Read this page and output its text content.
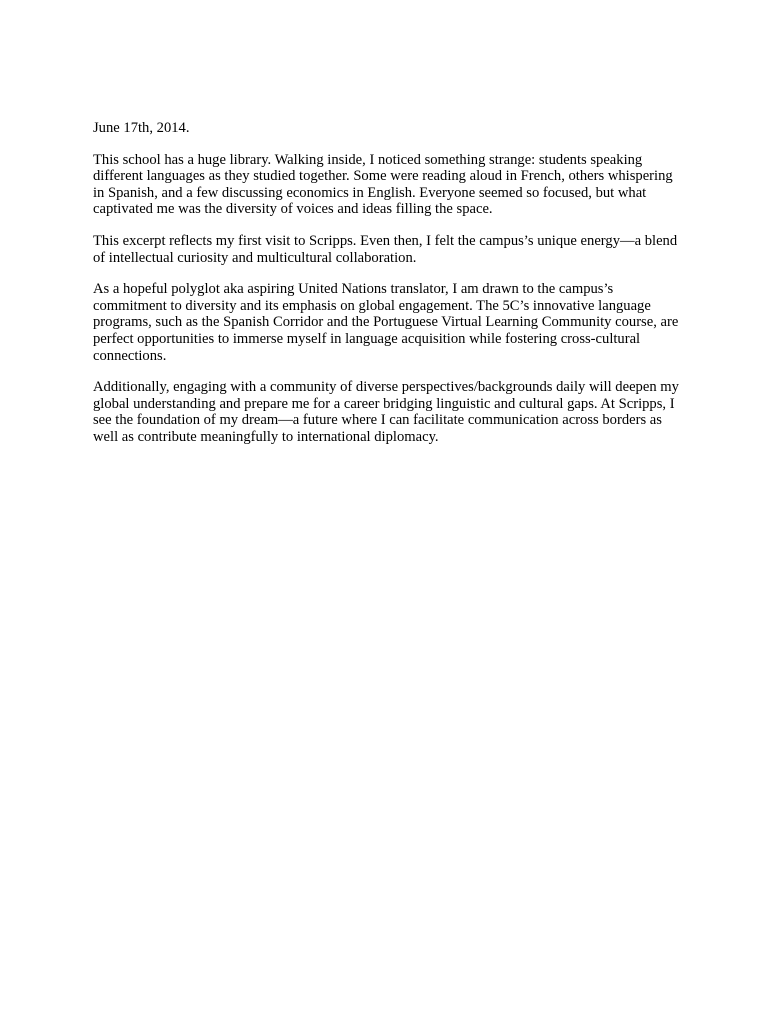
June 17th, 2014.

This school has a huge library. Walking inside, I noticed something strange: students speaking different languages as they studied together. Some were reading aloud in French, others whispering in Spanish, and a few discussing economics in English. Everyone seemed so focused, but what captivated me was the diversity of voices and ideas filling the space.

This excerpt reflects my first visit to Scripps. Even then, I felt the campus’s unique energy—a blend of intellectual curiosity and multicultural collaboration.

As a hopeful polyglot aka aspiring United Nations translator, I am drawn to the campus’s commitment to diversity and its emphasis on global engagement. The 5C’s innovative language programs, such as the Spanish Corridor and the Portuguese Virtual Learning Community course, are perfect opportunities to immerse myself in language acquisition while fostering cross-cultural connections.

Additionally, engaging with a community of diverse perspectives/backgrounds daily will deepen my global understanding and prepare me for a career bridging linguistic and cultural gaps. At Scripps, I see the foundation of my dream—a future where I can facilitate communication across borders as well as contribute meaningfully to international diplomacy.
